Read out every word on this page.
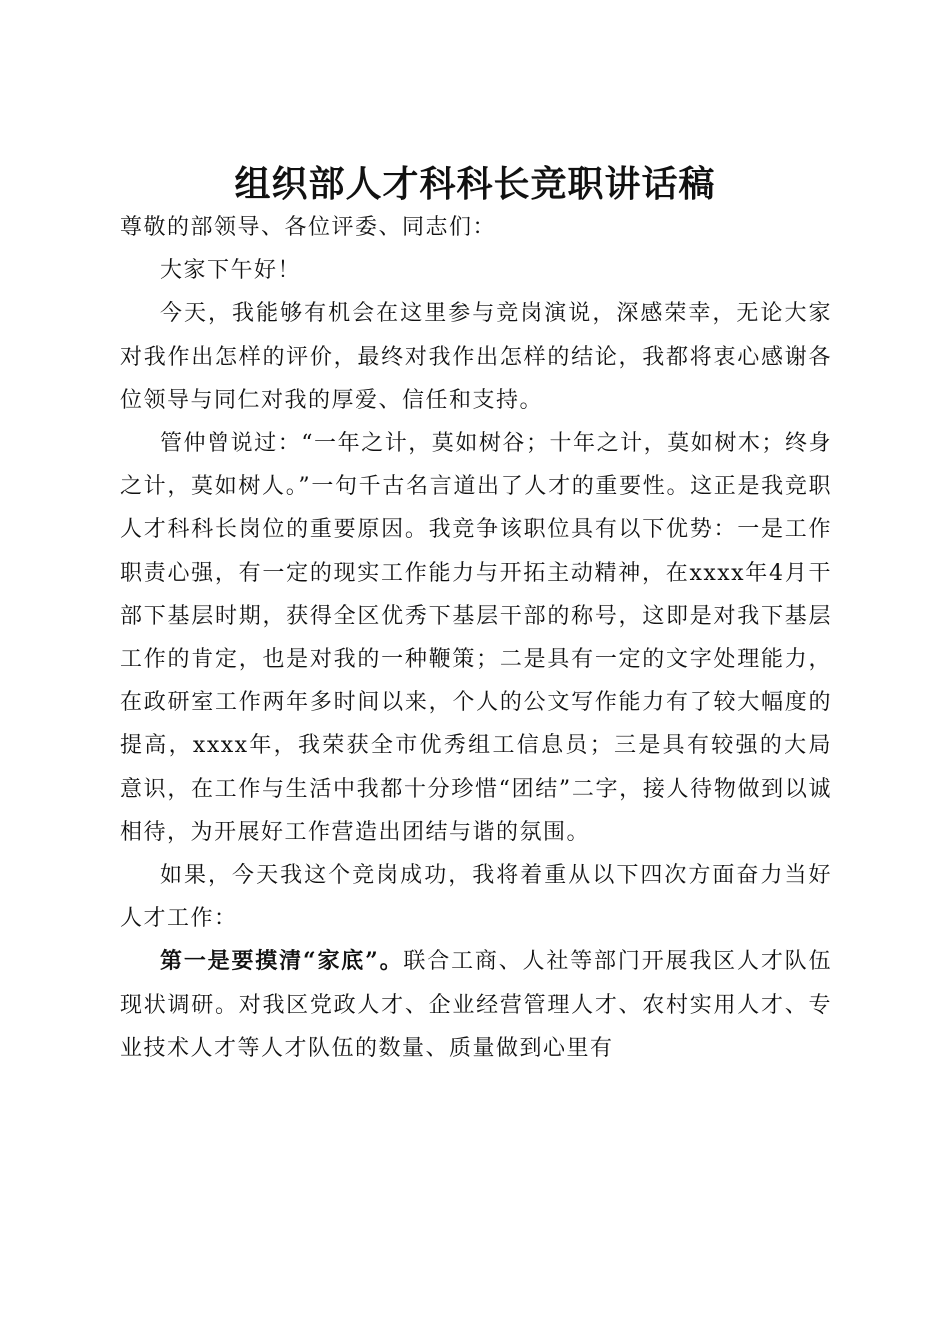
组织部人才科科长竞职讲话稿

尊敬的部领导、各位评委、同志们：

大家下午好！

今天，我能够有机会在这里参与竞岗演说，深感荣幸，无论大家对我作出怎样的评价，最终对我作出怎样的结论，我都将衷心感谢各位领导与同仁对我的厚爱、信任和支持。

管仲曾说过：“一年之计，莫如树谷；十年之计，莫如树木；终身之计，莫如树人。”一句千古名言道出了人才的重要性。这正是我竞职人才科科长岗位的重要原因。我竞争该职位具有以下优势：一是工作职责心强，有一定的现实工作能力与开拓主动精神，在xxxx年4月干部下基层时期，获得全区优秀下基层干部的称号，这即是对我下基层工作的肯定，也是对我的一种鞭策；二是具有一定的文字处理能力，在政研室工作两年多时间以来，个人的公文写作能力有了较大幅度的提高，xxxx年，我荣获全市优秀组工信息员；三是具有较强的大局意识，在工作与生活中我都十分珍惜“团结”二字，接人待物做到以诚相待，为开展好工作营造出团结与谐的氛围。

如果，今天我这个竞岗成功，我将着重从以下四次方面奋力当好人才工作：

第一是要摸清“家底”。联合工商、人社等部门开展我区人才队伍现状调研。对我区党政人才、企业经营管理人才、农村实用人才、专业技术人才等人才队伍的数量、质量做到心里有
